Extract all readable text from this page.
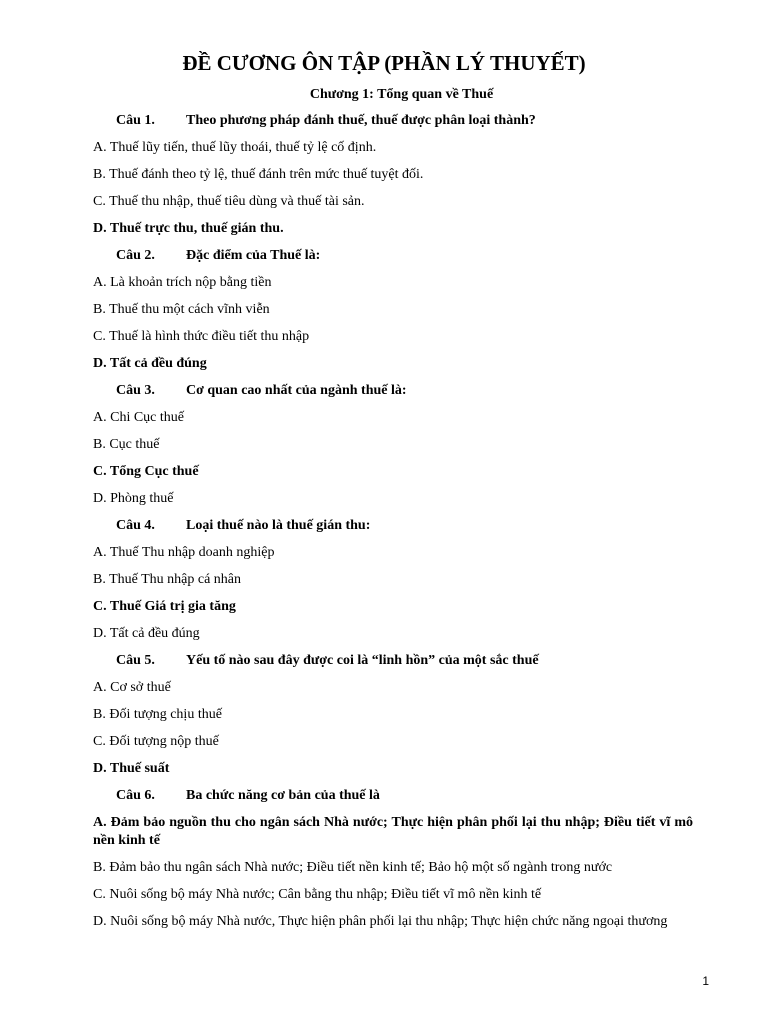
ĐỀ CƯƠNG ÔN TẬP (PHẦN LÝ THUYẾT)
Chương 1: Tổng quan về Thuế
Câu 1.	Theo phương pháp đánh thuế, thuế được phân loại thành?
A. Thuế lũy tiến, thuế lũy thoái, thuế tỷ lệ cố định.
B. Thuế đánh theo tỷ lệ, thuế đánh trên mức thuế tuyệt đối.
C. Thuế thu nhập, thuế tiêu dùng và thuế tài sản.
D. Thuế trực thu, thuế gián thu.
Câu 2.	Đặc điểm của Thuế là:
A. Là khoản trích nộp bằng tiền
B. Thuế thu một cách vĩnh viễn
C. Thuế là hình thức điều tiết thu nhập
D. Tất cả đều đúng
Câu 3.	Cơ quan cao nhất của ngành thuế là:
A. Chi Cục thuế
B. Cục thuế
C. Tổng Cục thuế
D. Phòng thuế
Câu 4.	Loại thuế nào là thuế gián thu:
A. Thuế Thu nhập doanh nghiệp
B. Thuế Thu nhập cá nhân
C. Thuế Giá trị gia tăng
D. Tất cả đều đúng
Câu 5.	Yếu tố nào sau đây được coi là “linh hồn” của một sắc thuế
A. Cơ sở thuế
B. Đối tượng chịu thuế
C. Đối tượng nộp thuế
D. Thuế suất
Câu 6.	Ba chức năng cơ bản của thuế là
A. Đảm bảo nguồn thu cho ngân sách Nhà nước; Thực hiện phân phối lại thu nhập; Điều tiết vĩ mô nền kinh tế
B. Đảm bảo thu ngân sách Nhà nước; Điều tiết nền kinh tế; Bảo hộ một số ngành trong nước
C. Nuôi sống bộ máy Nhà nước; Cân bằng thu nhập; Điều tiết vĩ mô nền kinh tế
D. Nuôi sống bộ máy Nhà nước, Thực hiện phân phối lại thu nhập; Thực hiện chức năng ngoại thương
1
